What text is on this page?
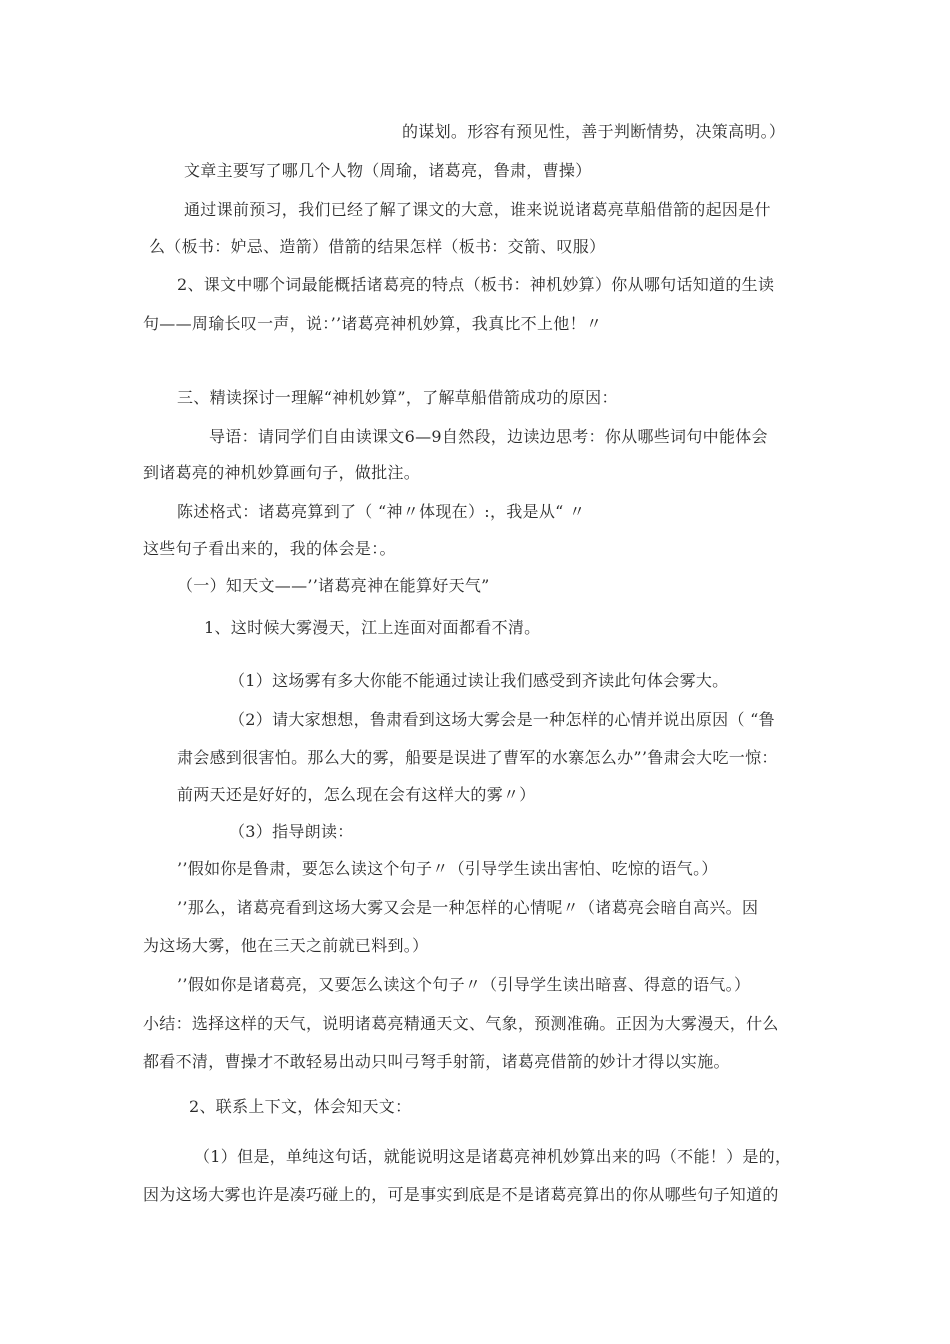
的谋划。形容有预见性，善于判断情势，决策高明。）
文章主要写了哪几个人物（周瑜，诸葛亮，鲁肃，曹操）
通过课前预习，我们已经了解了课文的大意，谁来说说诸葛亮草船借箭的起因是什
么（板书：妒忌、造箭）借箭的结果怎样（板书：交箭、叹服）
2、课文中哪个词最能概括诸葛亮的特点（板书：神机妙算）你从哪句话知道的生读
句——周瑜长叹一声，说：’’诸葛亮神机妙算，我真比不上他！〃
三、精读探讨一理解“神机妙算”，了解草船借箭成功的原因：
导语：请同学们自由读课文6—9自然段，边读边思考：你从哪些词句中能体会
到诸葛亮的神机妙算画句子，做批注。
陈述格式：诸葛亮算到了（ “神〃体现在）:，我是从“ 〃
这些句子看出来的，我的体会是：。
（一）知天文——’’诸葛亮神在能算好天气”
1、这时候大雾漫天，江上连面对面都看不清。
（1）这场雾有多大你能不能通过读让我们感受到齐读此句体会雾大。
（2）请大家想想，鲁肃看到这场大雾会是一种怎样的心情并说出原因（ “鲁
肃会感到很害怕。那么大的雾，船要是误进了曹军的水寨怎么办”’鲁肃会大吃一惊：
前两天还是好好的，怎么现在会有这样大的雾〃）
（3）指导朗读：
’’假如你是鲁肃，要怎么读这个句子〃（引导学生读出害怕、吃惊的语气。）
’’那么，诸葛亮看到这场大雾又会是一种怎样的心情呢〃（诸葛亮会暗自高兴。因
为这场大雾，他在三天之前就已料到。）
’’假如你是诸葛亮，又要怎么读这个句子〃（引导学生读出暗喜、得意的语气。）
小结：选择这样的天气，说明诸葛亮精通天文、气象，预测准确。正因为大雾漫天，什么
都看不清，曹操才不敢轻易出动只叫弓弩手射箭，诸葛亮借箭的妙计才得以实施。
2、联系上下文，体会知天文：
（1）但是，单纯这句话，就能说明这是诸葛亮神机妙算出来的吗（不能！）是的，
因为这场大雾也许是凑巧碰上的，可是事实到底是不是诸葛亮算出的你从哪些句子知道的
